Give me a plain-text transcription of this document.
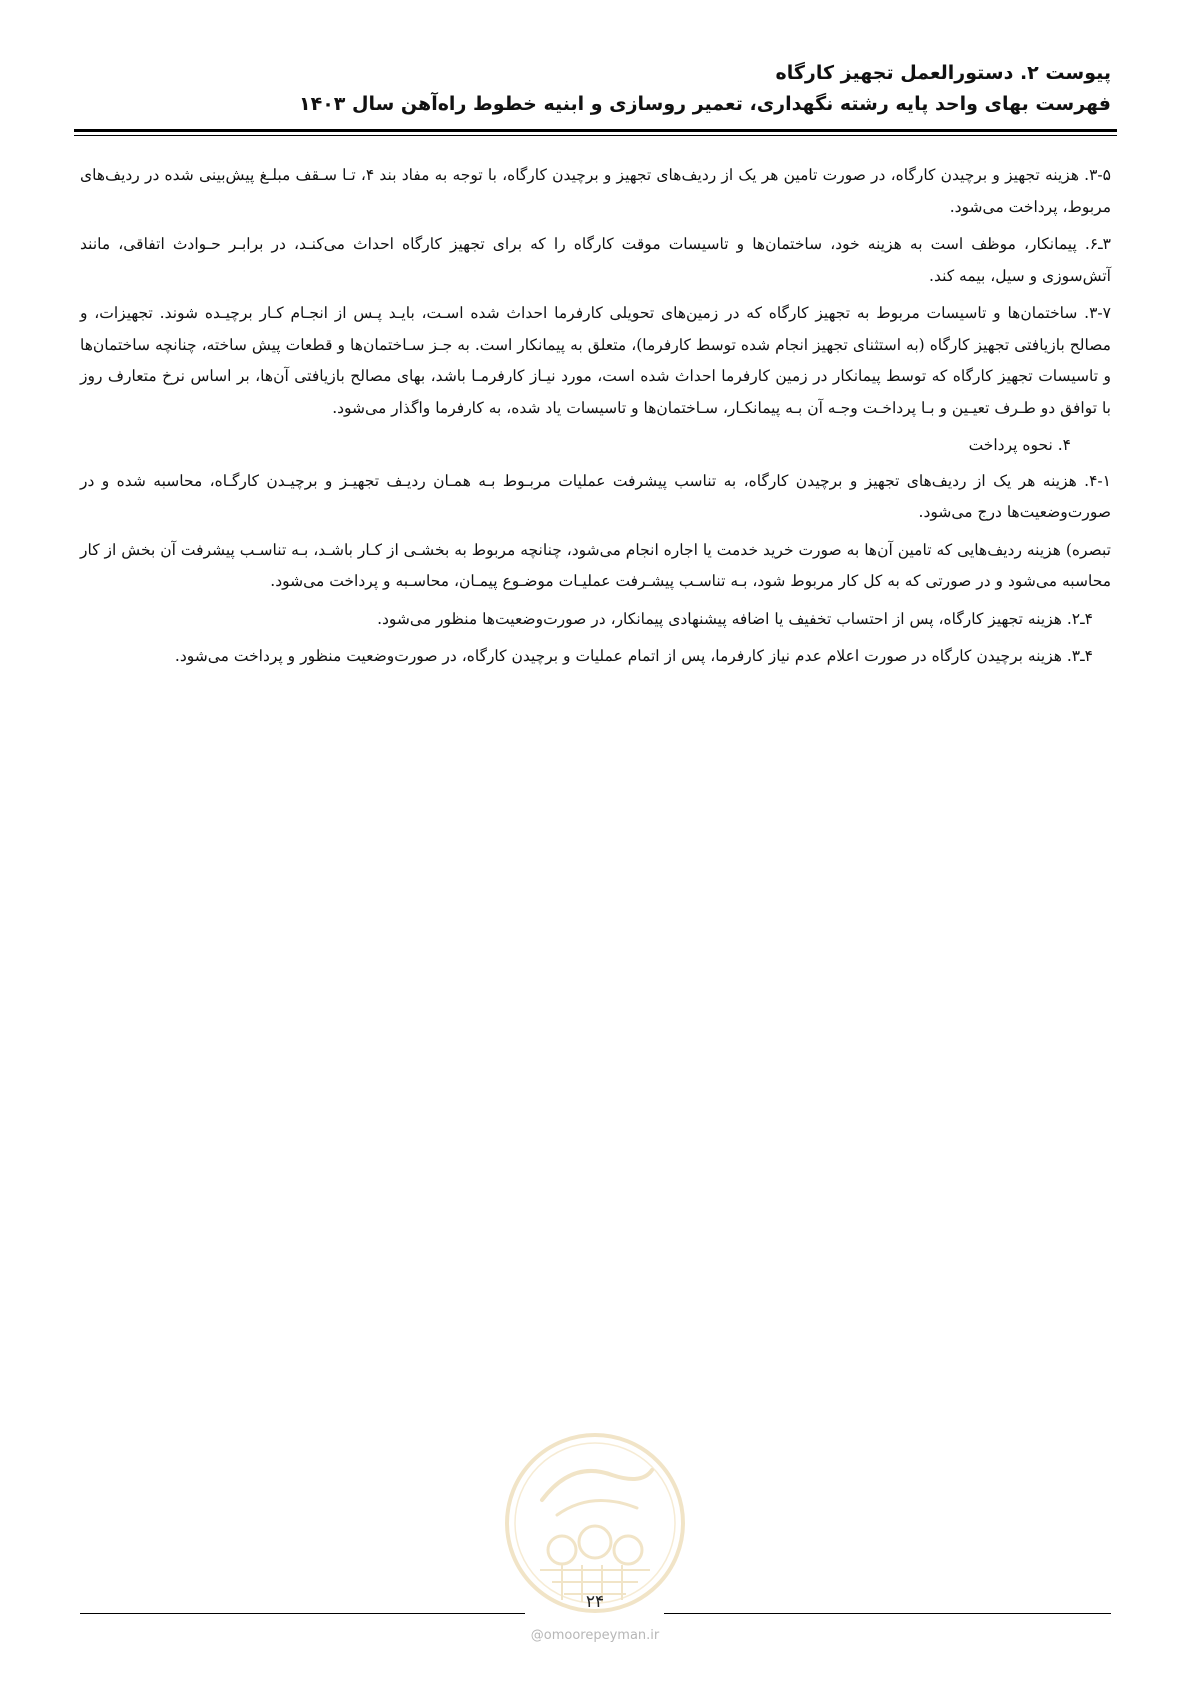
پیوست ۲. دستورالعمل تجهیز کارگاه

فهرست بهای واحد پایه رشته نگهداری، تعمیر روسازی و ابنیه خطوط راه‌آهن سال ۱۴۰۳

۳-۵. هزینه تجهیز و برچیدن کارگاه، در صورت تامین هر یک از ردیف‌های تجهیز و برچیدن کارگاه، با توجه به مفاد بند ۴، تـا سـقف مبلـغ پیش‌بینی شده در ردیف‌های مربوط، پرداخت می‌شود.

۳ـ۶. پیمانکار، موظف است به هزینه خود، ساختمان‌ها و تاسیسات موقت کارگاه را که برای تجهیز کارگاه احداث می‌کنـد، در برابـر حـوادث اتفاقی، مانند آتش‌سوزی و سیل، بیمه کند.

۳-۷. ساختمان‌ها و تاسیسات مربوط به تجهیز کارگاه که در زمین‌های تحویلی کارفرما احداث شده اسـت، بایـد پـس از انجـام کـار برچیـده شوند. تجهیزات، و مصالح بازیافتی تجهیز کارگاه (به استثنای تجهیز انجام شده توسط کارفرما)، متعلق به پیمانکار است. به جـز سـاختمان‌ها و قطعات پیش ساخته، چنانچه ساختمان‌ها و تاسیسات تجهیز کارگاه که توسط پیمانکار در زمین کارفرما احداث شده است، مورد نیـاز کارفرمـا باشد، بهای مصالح بازیافتی آن‌ها، بر اساس نرخ متعارف روز با توافق دو طـرف تعیـین و بـا پرداخـت وجـه آن بـه پیمانکـار، سـاختمان‌ها و تاسیسات یاد شده، به کارفرما واگذار می‌شود.

۴. نحوه پرداخت

۴-۱. هزینه هر یک از ردیف‌های تجهیز و برچیدن کارگاه، به تناسب پیشرفت عملیات مربـوط بـه همـان ردیـف تجهیـز و برچیـدن کارگـاه، محاسبه شده و در صورت‌وضعیت‌ها درج می‌شود.

تبصره) هزینه ردیف‌هایی که تامین آن‌ها به صورت خرید خدمت یا اجاره انجام می‌شود، چنانچه مربوط به بخشـی از کـار باشـد، بـه تناسـب پیشرفت آن بخش از کار محاسبه می‌شود و در صورتی که به کل کار مربوط شود، بـه تناسـب پیشـرفت عملیـات موضـوع پیمـان، محاسـبه و پرداخت می‌شود.

۴ـ۲. هزینه تجهیز کارگاه، پس از احتساب تخفیف یا اضافه پیشنهادی پیمانکار، در صورت‌وضعیت‌ها منظور می‌شود.

۴ـ۳. هزینه برچیدن کارگاه در صورت اعلام عدم نیاز کارفرما، پس از اتمام عملیات و برچیدن کارگاه، در صورت‌وضعیت منظور و پرداخت می‌شود.

۲۴
@omoorepeyman.ir
